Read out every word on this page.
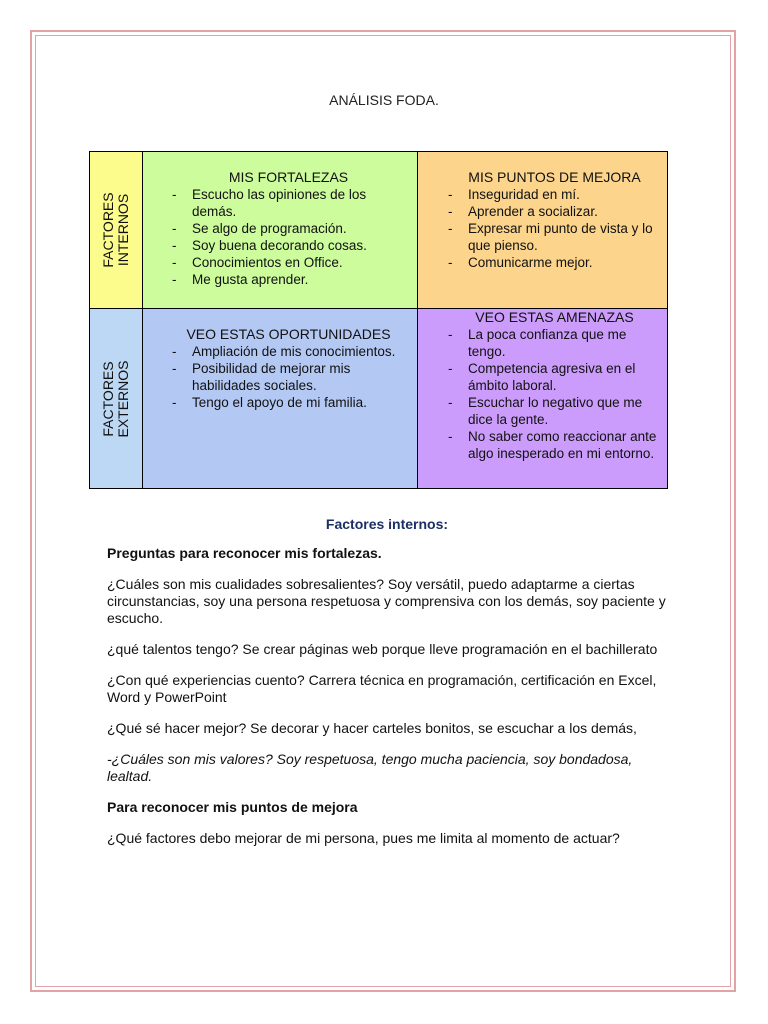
ANÁLISIS FODA.
FACTORES INTERNOS
MIS FORTALEZAS
- Escucho las opiniones de los demás.
- Se algo de programación.
- Soy buena decorando cosas.
- Conocimientos en Office.
- Me gusta aprender.
MIS PUNTOS DE MEJORA
- Inseguridad en mí.
- Aprender a socializar.
- Expresar mi punto de vista y lo que pienso.
- Comunicarme mejor.
FACTORES EXTERNOS
VEO ESTAS OPORTUNIDADES
- Ampliación de mis conocimientos.
- Posibilidad de mejorar mis habilidades sociales.
- Tengo el apoyo de mi familia.
VEO ESTAS AMENAZAS
- La poca confianza que me tengo.
- Competencia agresiva en el ámbito laboral.
- Escuchar lo negativo que me dice la gente.
- No saber como reaccionar ante algo inesperado en mi entorno.

Factores internos:

Preguntas para reconocer mis fortalezas.

¿Cuáles son mis cualidades sobresalientes? Soy versátil, puedo adaptarme a ciertas circunstancias, soy una persona respetuosa y comprensiva con los demás, soy paciente y escucho.

¿qué talentos tengo? Se crear páginas web porque lleve programación en el bachillerato

¿Con qué experiencias cuento? Carrera técnica en programación, certificación en Excel, Word y PowerPoint

¿Qué sé hacer mejor? Se decorar y hacer carteles bonitos, se escuchar a los demás,

-¿Cuáles son mis valores? Soy respetuosa, tengo mucha paciencia, soy bondadosa, lealtad.

Para reconocer mis puntos de mejora

¿Qué factores debo mejorar de mi persona, pues me limita al momento de actuar?
